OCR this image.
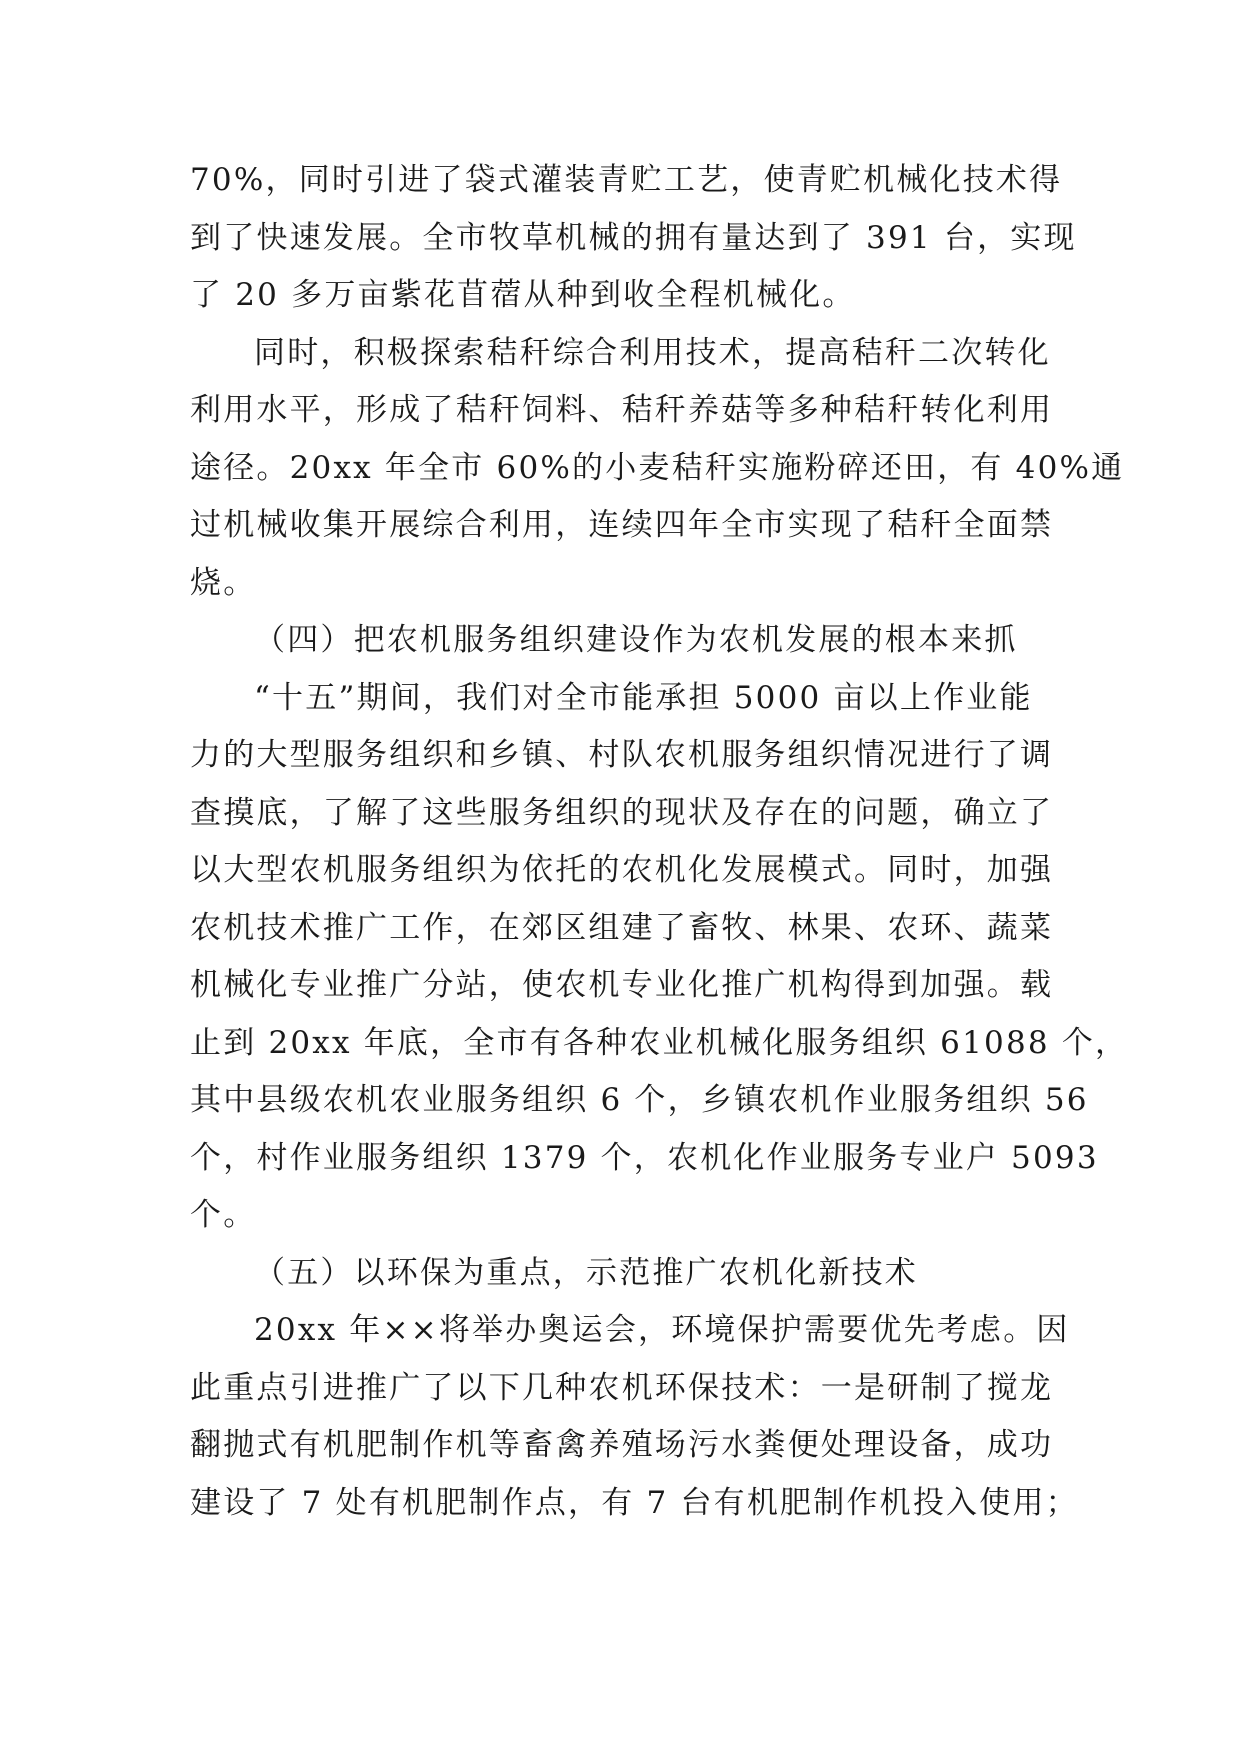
70%，同时引进了袋式灌装青贮工艺，使青贮机械化技术得
到了快速发展。全市牧草机械的拥有量达到了 391 台，实现
了 20 多万亩紫花苜蓿从种到收全程机械化。
同时，积极探索秸秆综合利用技术，提高秸秆二次转化
利用水平，形成了秸秆饲料、秸秆养菇等多种秸秆转化利用
途径。20xx 年全市 60%的小麦秸秆实施粉碎还田，有 40%通
过机械收集开展综合利用，连续四年全市实现了秸秆全面禁
烧。
（四）把农机服务组织建设作为农机发展的根本来抓
“十五”期间，我们对全市能承担 5000 亩以上作业能
力的大型服务组织和乡镇、村队农机服务组织情况进行了调
查摸底，了解了这些服务组织的现状及存在的问题，确立了
以大型农机服务组织为依托的农机化发展模式。同时，加强
农机技术推广工作，在郊区组建了畜牧、林果、农环、蔬菜
机械化专业推广分站，使农机专业化推广机构得到加强。载
止到 20xx 年底，全市有各种农业机械化服务组织 61088 个，
其中县级农机农业服务组织 6 个，乡镇农机作业服务组织 56
个，村作业服务组织 1379 个，农机化作业服务专业户 5093
个。
（五）以环保为重点，示范推广农机化新技术
20xx 年××将举办奥运会，环境保护需要优先考虑。因
此重点引进推广了以下几种农机环保技术：一是研制了搅龙
翻抛式有机肥制作机等畜禽养殖场污水粪便处理设备，成功
建设了 7 处有机肥制作点，有 7 台有机肥制作机投入使用；
